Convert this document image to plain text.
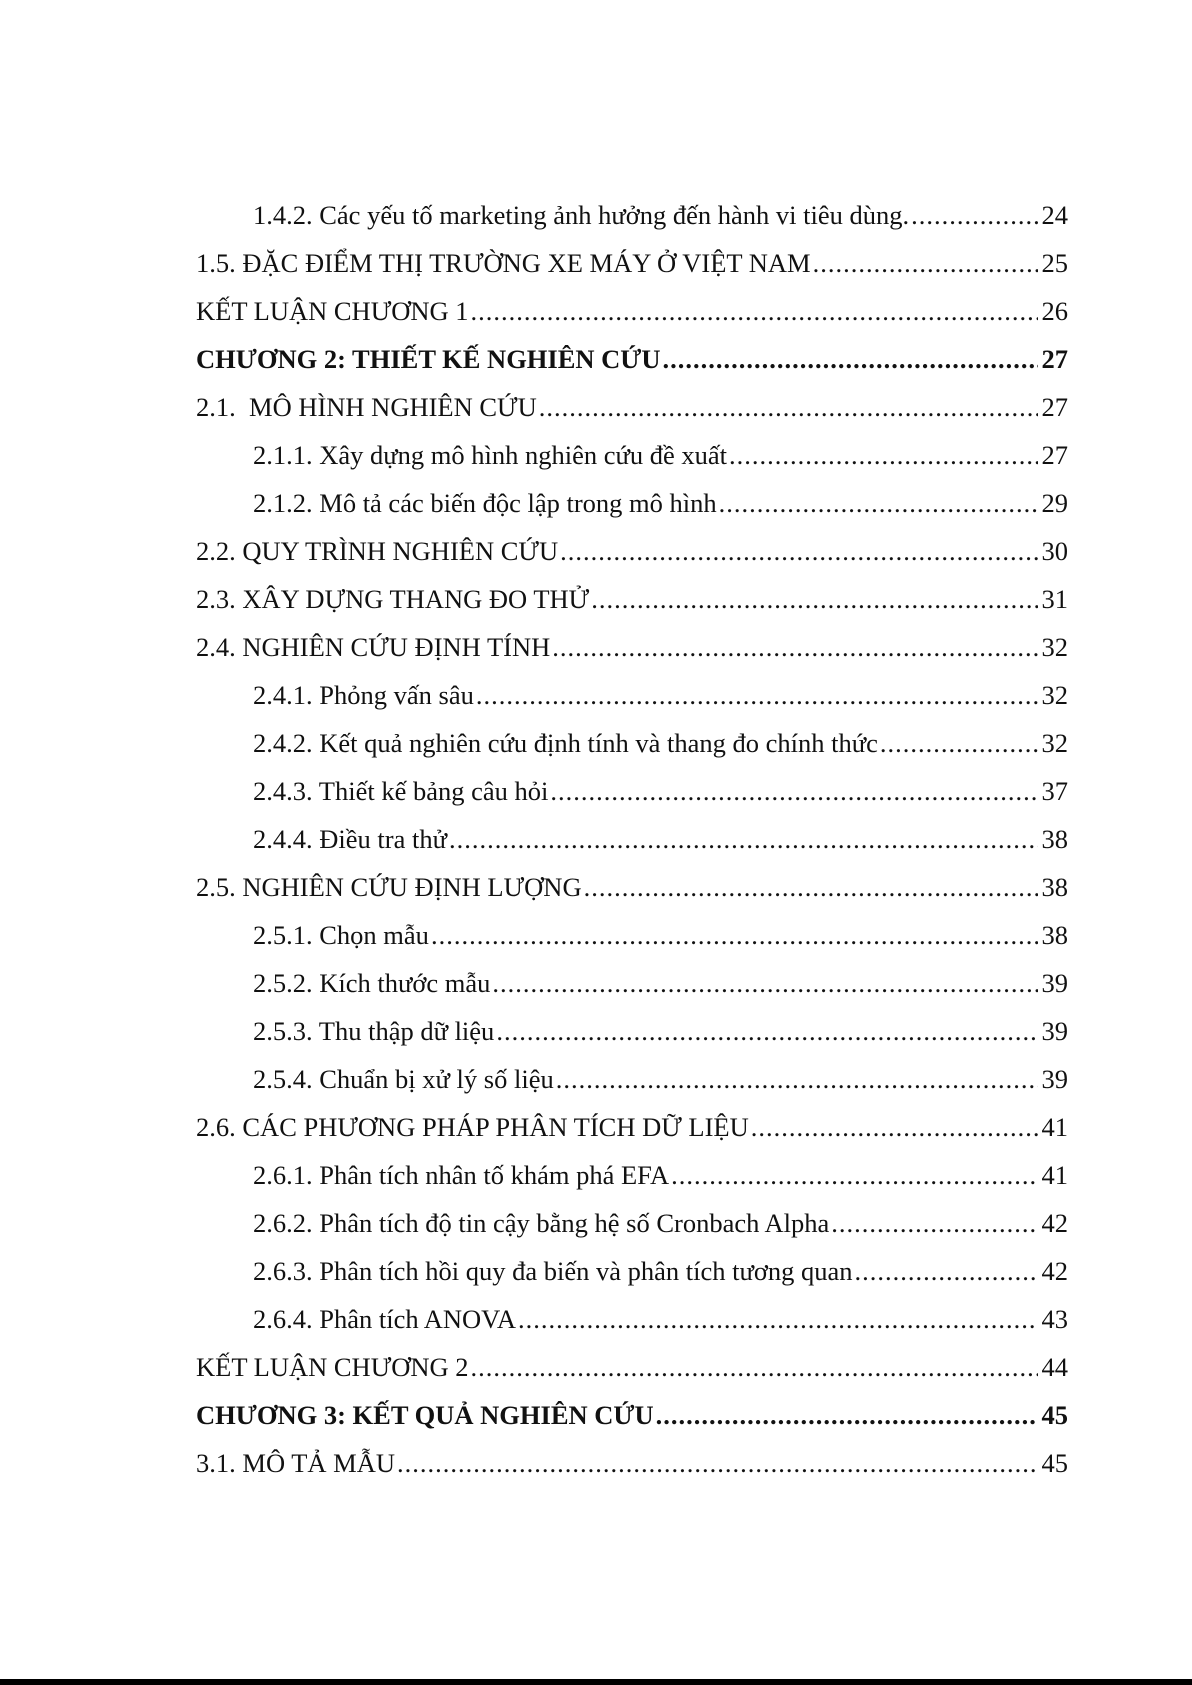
1.4.2. Các yếu tố marketing ảnh hưởng đến hành vi tiêu dùng. .....	24
1.5. ĐẶC ĐIỂM THỊ TRƯỜNG XE MÁY Ở VIỆT NAM .....	25
KẾT LUẬN CHƯƠNG 1 .....	26
CHƯƠNG 2: THIẾT KẾ NGHIÊN CỨU .....	27
2.1.  MÔ HÌNH NGHIÊN CỨU .....	27
2.1.1. Xây dựng mô hình nghiên cứu đề xuất .....	27
2.1.2. Mô tả các biến độc lập trong mô hình .....	29
2.2. QUY TRÌNH NGHIÊN CỨU .....	30
2.3. XÂY DỰNG THANG ĐO THỬ .....	31
2.4. NGHIÊN CỨU ĐỊNH TÍNH .....	32
2.4.1. Phỏng vấn sâu .....	32
2.4.2. Kết quả nghiên cứu định tính và thang đo chính thức .....	32
2.4.3. Thiết kế bảng câu hỏi .....	37
2.4.4. Điều tra thử .....	38
2.5. NGHIÊN CỨU ĐỊNH LƯỢNG .....	38
2.5.1. Chọn mẫu .....	38
2.5.2. Kích thước mẫu .....	39
2.5.3. Thu thập dữ liệu .....	39
2.5.4. Chuẩn bị xử lý số liệu .....	39
2.6. CÁC PHƯƠNG PHÁP PHÂN TÍCH DỮ LIỆU .....	41
2.6.1. Phân tích nhân tố khám phá EFA .....	41
2.6.2. Phân tích độ tin cậy bằng hệ số Cronbach Alpha .....	42
2.6.3. Phân tích hồi quy đa biến và phân tích tương quan .....	42
2.6.4. Phân tích ANOVA .....	43
KẾT LUẬN CHƯƠNG 2 .....	44
CHƯƠNG 3: KẾT QUẢ NGHIÊN CỨU .....	45
3.1. MÔ TẢ MẪU .....	45
